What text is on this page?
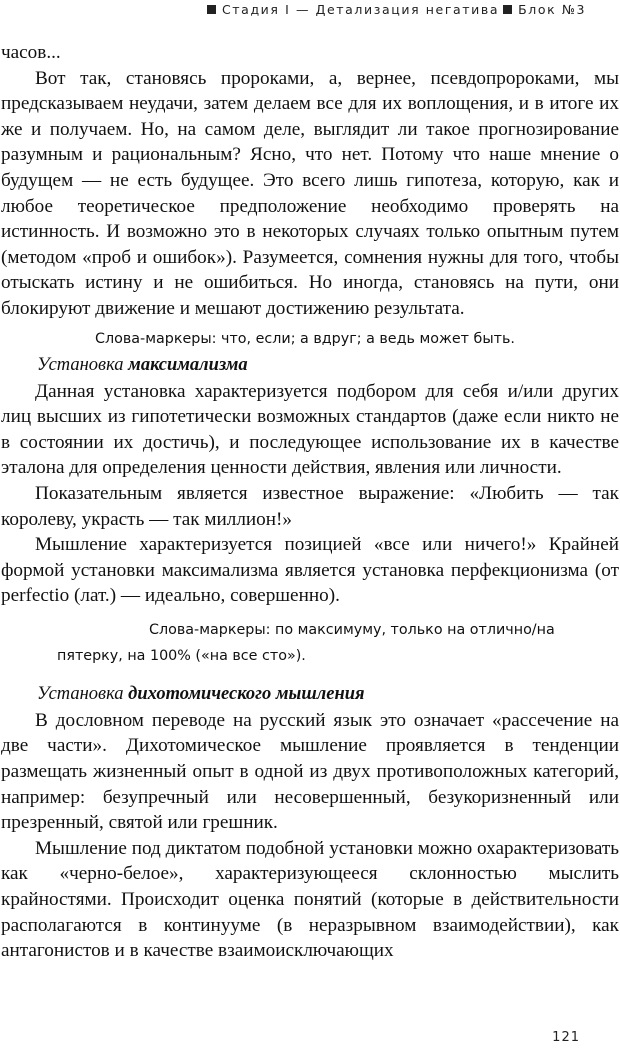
Стадия I — Детализация негатива Блок №3

часов...

Вот так, становясь пророками, а, вернее, псевдопророками, мы предсказываем неудачи, затем делаем все для их воплощения, и в итоге их же и получаем. Но, на самом деле, выглядит ли такое прогнозирование разумным и рациональным? Ясно, что нет. Потому что наше мнение о будущем — не есть будущее. Это всего лишь гипотеза, которую, как и любое теоретическое предположение необходимо проверять на истинность. И возможно это в некоторых случаях только опытным путем (методом «проб и ошибок»). Разумеется, сомнения нужны для того, чтобы отыскать истину и не ошибиться. Но иногда, становясь на пути, они блокируют движение и мешают достижению результата.

Слова-маркеры: что, если; а вдруг; а ведь может быть.

Установка максимализма

Данная установка характеризуется подбором для себя и/или других лиц высших из гипотетически возможных стандартов (даже если никто не в состоянии их достичь), и последующее использование их в качестве эталона для определения ценности действия, явления или личности.

Показательным является известное выражение: «Любить — так королеву, украсть — так миллион!»

Мышление характеризуется позицией «все или ничего!» Крайней формой установки максимализма является установка перфекционизма (от perfectio (лат.) — идеально, совершенно).

Слова-маркеры: по максимуму, только на отлично/на пятерку, на 100% («на все сто»).

Установка дихотомического мышления

В дословном переводе на русский язык это означает «рассечение на две части». Дихотомическое мышление проявляется в тенденции размещать жизненный опыт в одной из двух противоположных категорий, например: безупречный или несовершенный, безукоризненный или презренный, святой или грешник.

Мышление под диктатом подобной установки можно охарактеризовать как «черно-белое», характеризующееся склонностью мыслить крайностями. Происходит оценка понятий (которые в действительности располагаются в континууме (в неразрывном взаимодействии), как антагонистов и в качестве взаимоисключающих

121
